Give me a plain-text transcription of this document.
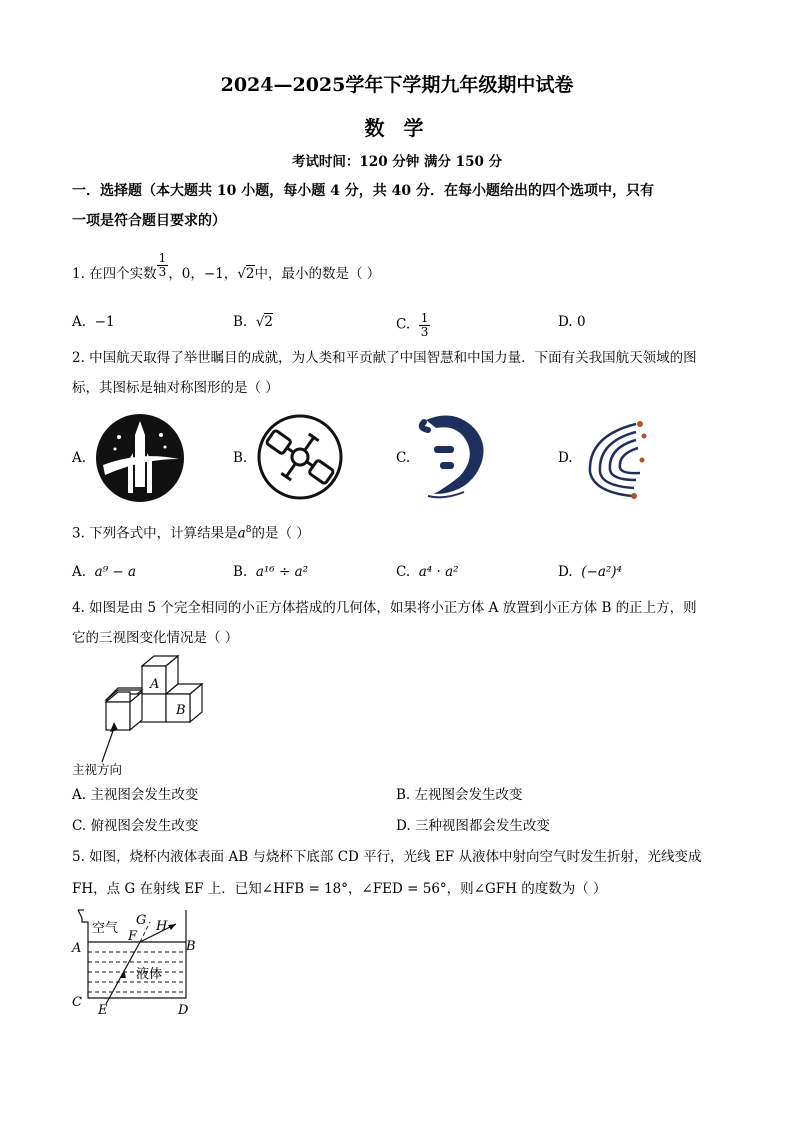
2024—2025学年下学期九年级期中试卷
数 学
考试时间：120 分钟 满分 150 分
一．选择题（本大题共 10 小题，每小题 4 分，共 40 分．在每小题给出的四个选项中，只有
一项是符合题目要求的）
1. 在四个实数 $\frac{1}{3}$ ，0，−1，√2中，最小的数是（ ）
A. −1	B. √2	C. $\frac{1}{3}$	D. 0
2. 中国航天取得了举世瞩目的成就，为人类和平贡献了中国智慧和中国力量．下面有关我国航天领域的图
标，其图标是轴对称图形的是（ ）
A.	B.	C.	D.
3. 下列各式中，计算结果是$a^8$的是（ ）
A. a⁹ − a	B. a¹⁶ ÷ a²	C. a⁴ · a²	D. (−a²)⁴
4. 如图是由 5 个完全相同的小正方体搭成的几何体，如果将小正方体 A 放置到小正方体 B 的正上方，则
它的三视图变化情况是（ ）
A
B
主视方向
A. 主视图会发生改变	B. 左视图会发生改变
C. 俯视图会发生改变	D. 三种视图都会发生改变
5. 如图，烧杯内液体表面 AB 与烧杯下底部 CD 平行，光线 EF 从液体中射向空气时发生折射，光线变成
FH，点 G 在射线 EF 上．已知∠HFB = 18°，∠FED = 56°，则∠GFH 的度数为（ ）
空气
液体
A	B
C
D
E
F
G H
